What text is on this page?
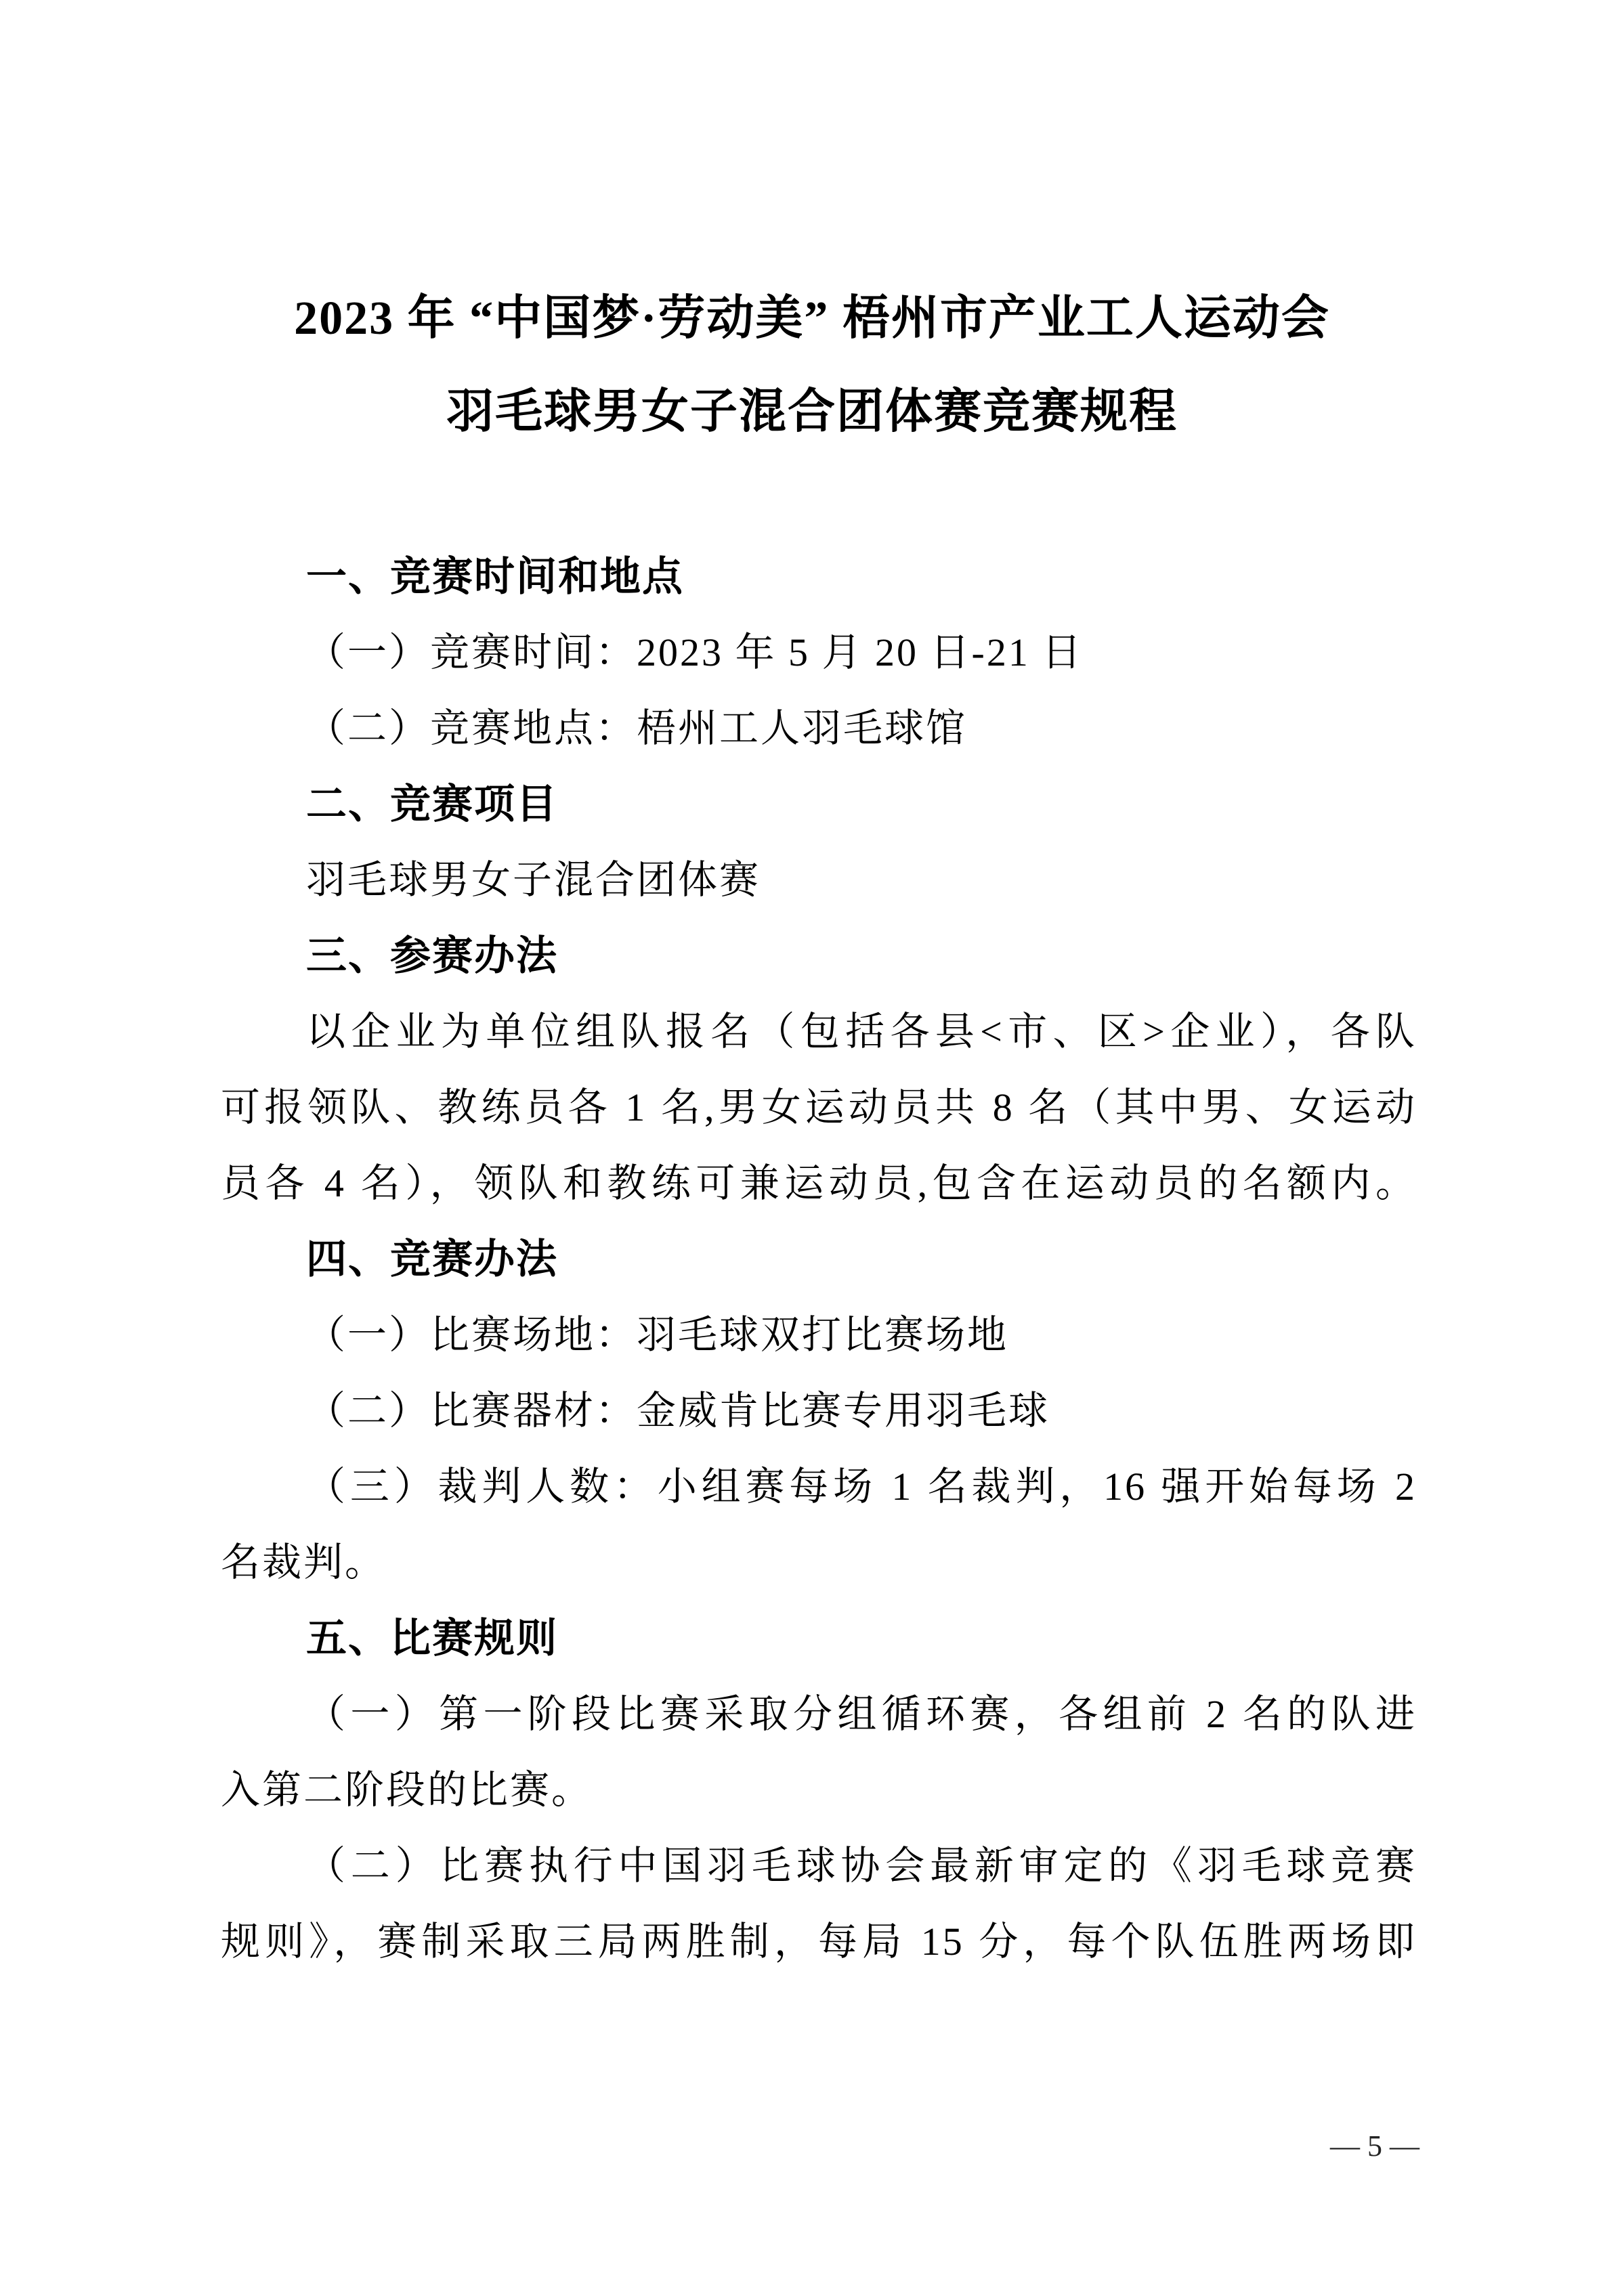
2023 年 “中国梦·劳动美” 梧州市产业工人运动会
羽毛球男女子混合团体赛竞赛规程
一、竞赛时间和地点
（一）竞赛时间：2023 年 5 月 20 日-21 日
（二）竞赛地点：梧州工人羽毛球馆
二、竞赛项目
羽毛球男女子混合团体赛
三、参赛办法
以企业为单位组队报名（包括各县<市、区>企业），各队
可报领队、教练员各 1 名,男女运动员共 8 名（其中男、女运动
员各 4 名），领队和教练可兼运动员,包含在运动员的名额内。
四、竞赛办法
（一）比赛场地：羽毛球双打比赛场地
（二）比赛器材：金威肯比赛专用羽毛球
（三）裁判人数：小组赛每场 1 名裁判，16 强开始每场 2
名裁判。
五、比赛规则
（一）第一阶段比赛采取分组循环赛，各组前 2 名的队进
入第二阶段的比赛。
（二）比赛执行中国羽毛球协会最新审定的《羽毛球竞赛
规则》，赛制采取三局两胜制，每局 15 分，每个队伍胜两场即
— 5 —
